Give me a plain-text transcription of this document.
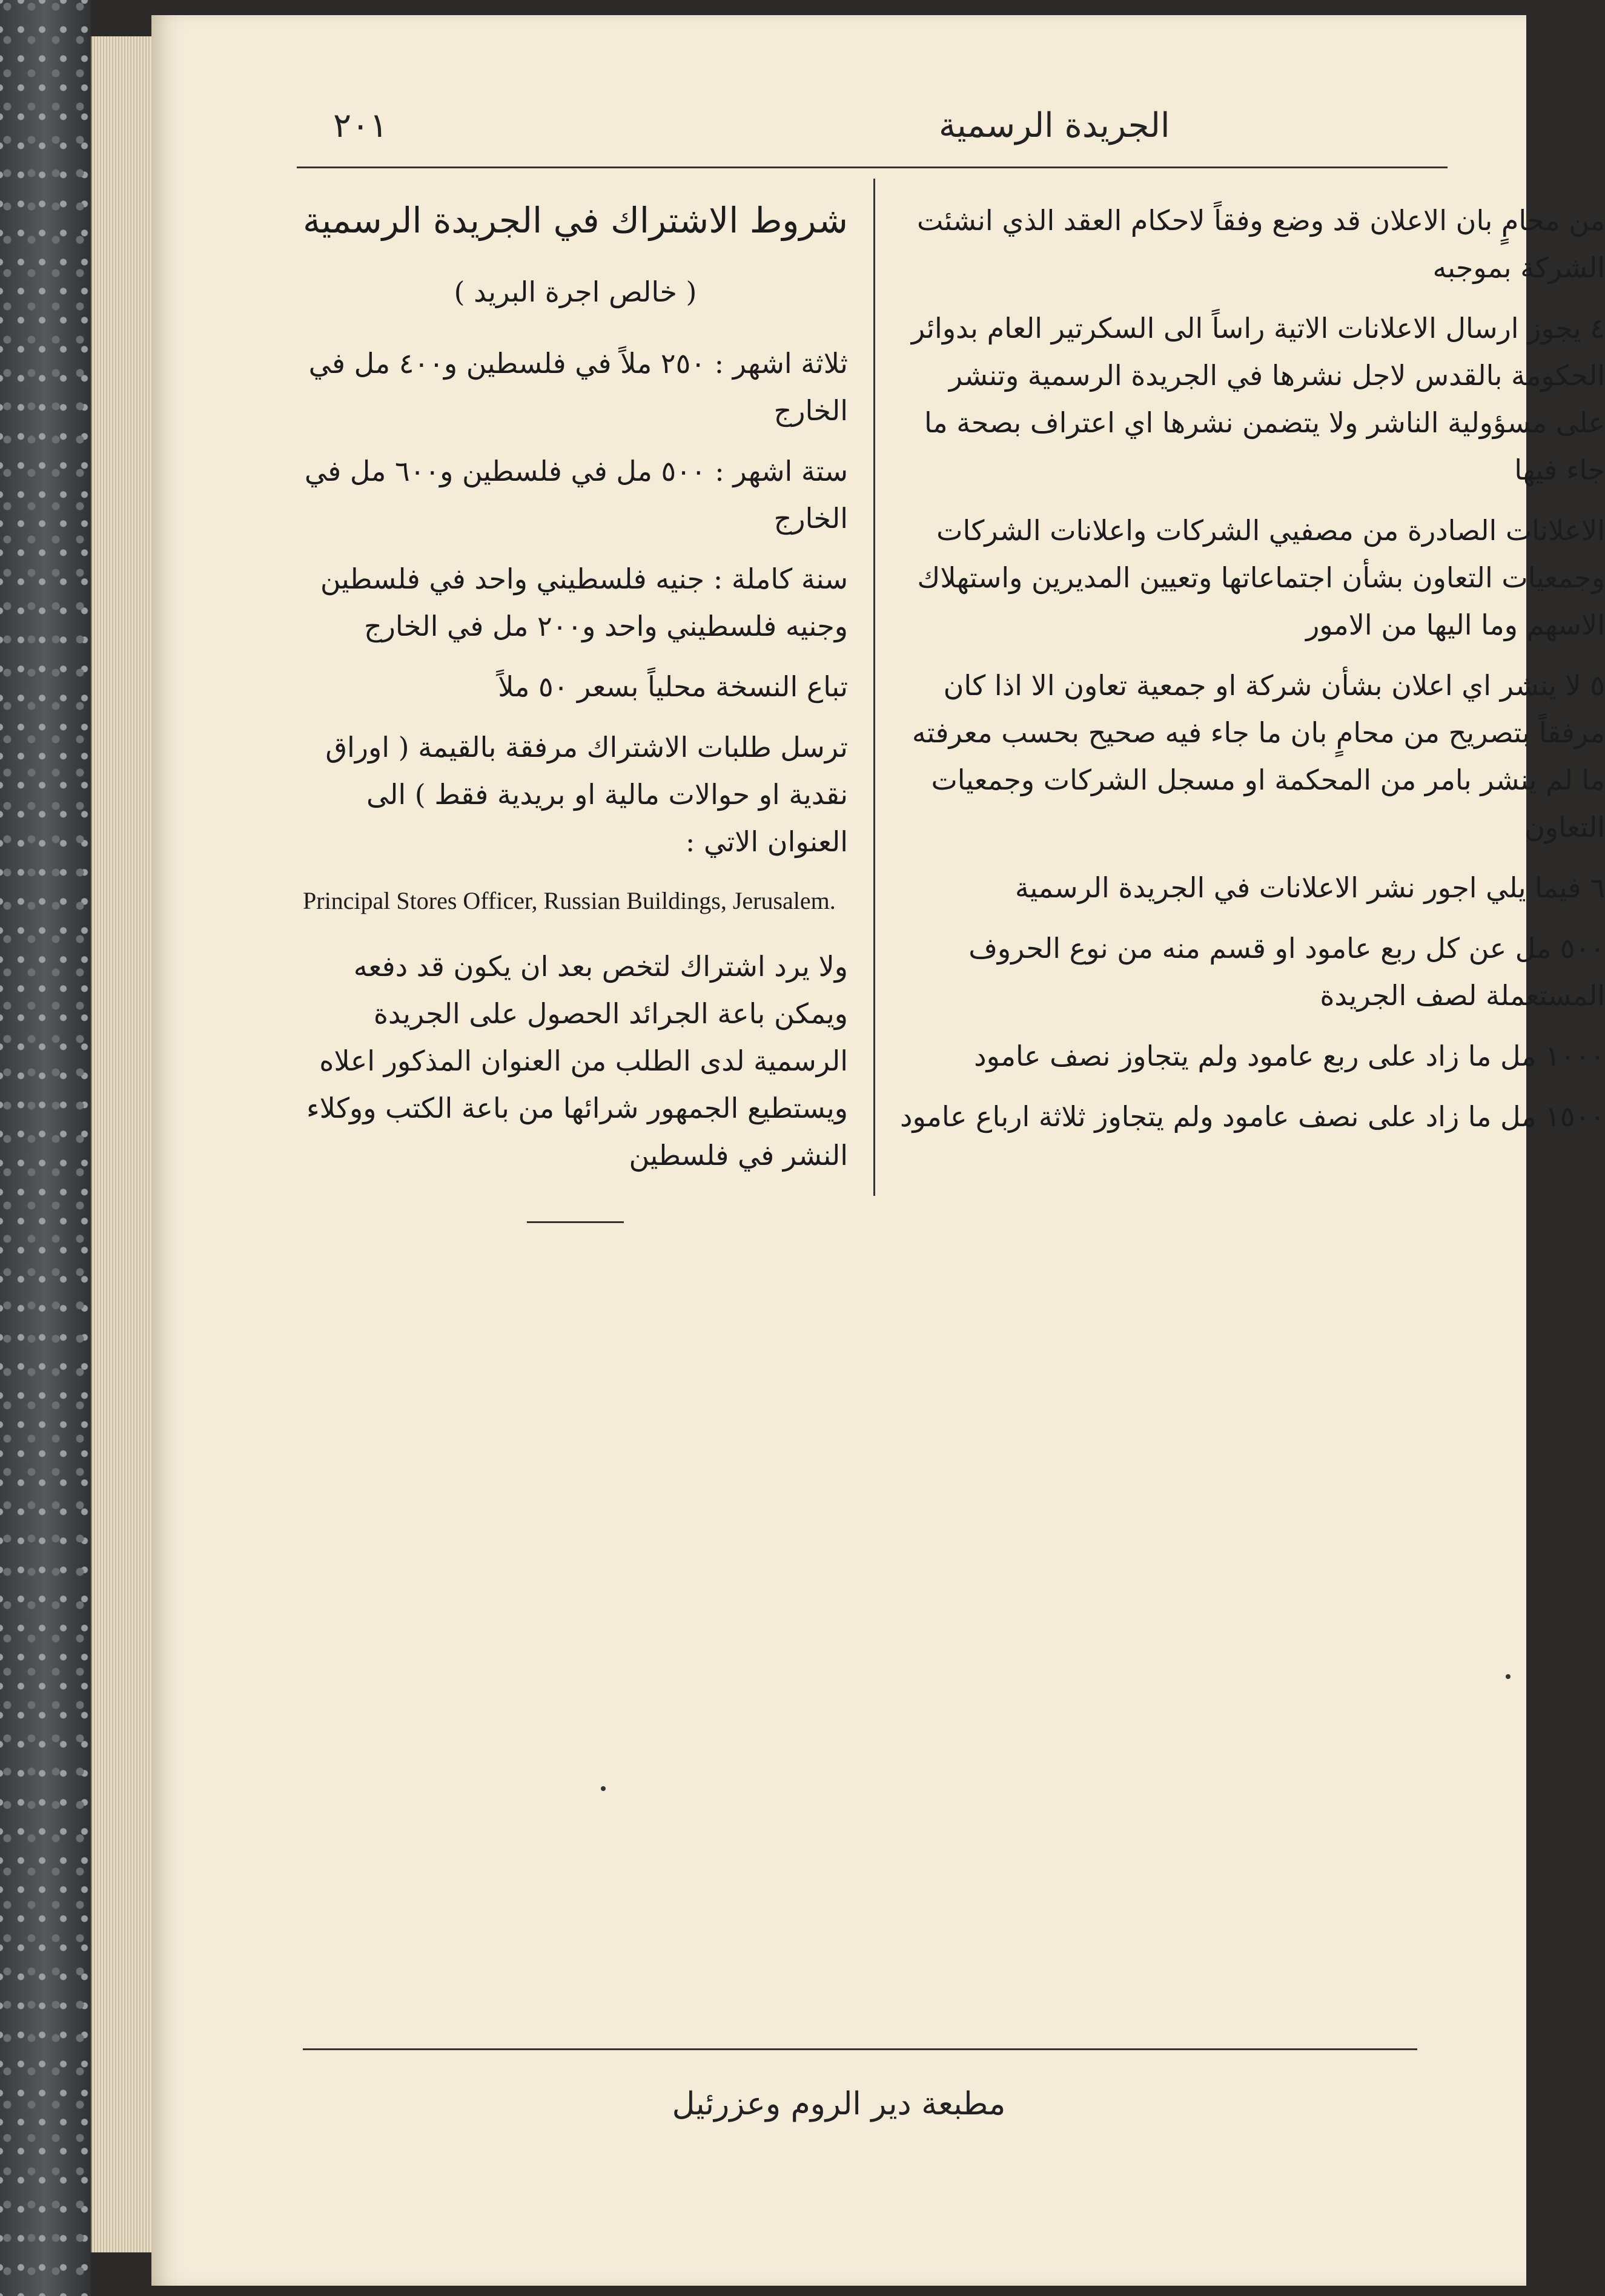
الجريدة الرسمية
٢٠١

من محامٍ بان الاعلان قد وضع وفقاً لاحكام العقد الذي انشئت الشركة بموجبه

٤ يجوز ارسال الاعلانات الاتية راساً الى السكرتير العام بدوائر الحكومة بالقدس لاجل نشرها في الجريدة الرسمية وتنشر على مسؤولية الناشر ولا يتضمن نشرها اي اعتراف بصحة ما جاء فيها

الاعلانات الصادرة من مصفيي الشركات واعلانات الشركات وجمعيات التعاون بشأن اجتماعاتها وتعيين المديرين واستهلاك الاسهم وما اليها من الامور

٥ لا ينشر اي اعلان بشأن شركة او جمعية تعاون الا اذا كان مرفقاً بتصريح من محامٍ بان ما جاء فيه صحيح بحسب معرفته ما لم ينشر بامر من المحكمة او مسجل الشركات وجمعيات التعاون

٦ فيما يلي اجور نشر الاعلانات في الجريدة الرسمية

٥٠٠ مل عن كل ربع عامود او قسم منه من نوع الحروف المستعملة لصف الجريدة

١٠٠٠ مل ما زاد على ربع عامود ولم يتجاوز نصف عامود

١٥٠٠ مل ما زاد على نصف عامود ولم يتجاوز ثلاثة ارباع عامود

شروط الاشتراك في الجريدة الرسمية

( خالص اجرة البريد )

ثلاثة اشهر : ٢٥٠ ملاً في فلسطين و٤٠٠ مل في الخارج

ستة اشهر : ٥٠٠ مل في فلسطين و٦٠٠ مل في الخارج

سنة كاملة : جنيه فلسطيني واحد في فلسطين وجنيه فلسطيني واحد و٢٠٠ مل في الخارج

تباع النسخة محلياً بسعر ٥٠ ملاً

ترسل طلبات الاشتراك مرفقة بالقيمة ( اوراق نقدية او حوالات مالية او بريدية فقط ) الى العنوان الاتي :

Principal Stores Officer, Russian Buildings, Jerusalem.

ولا يرد اشتراك لتخص بعد ان يكون قد دفعه ويمكن باعة الجرائد الحصول على الجريدة الرسمية لدى الطلب من العنوان المذكور اعلاه ويستطيع الجمهور شرائها من باعة الكتب ووكلاء النشر في فلسطين

مطبعة دير الروم وعزرئيل
